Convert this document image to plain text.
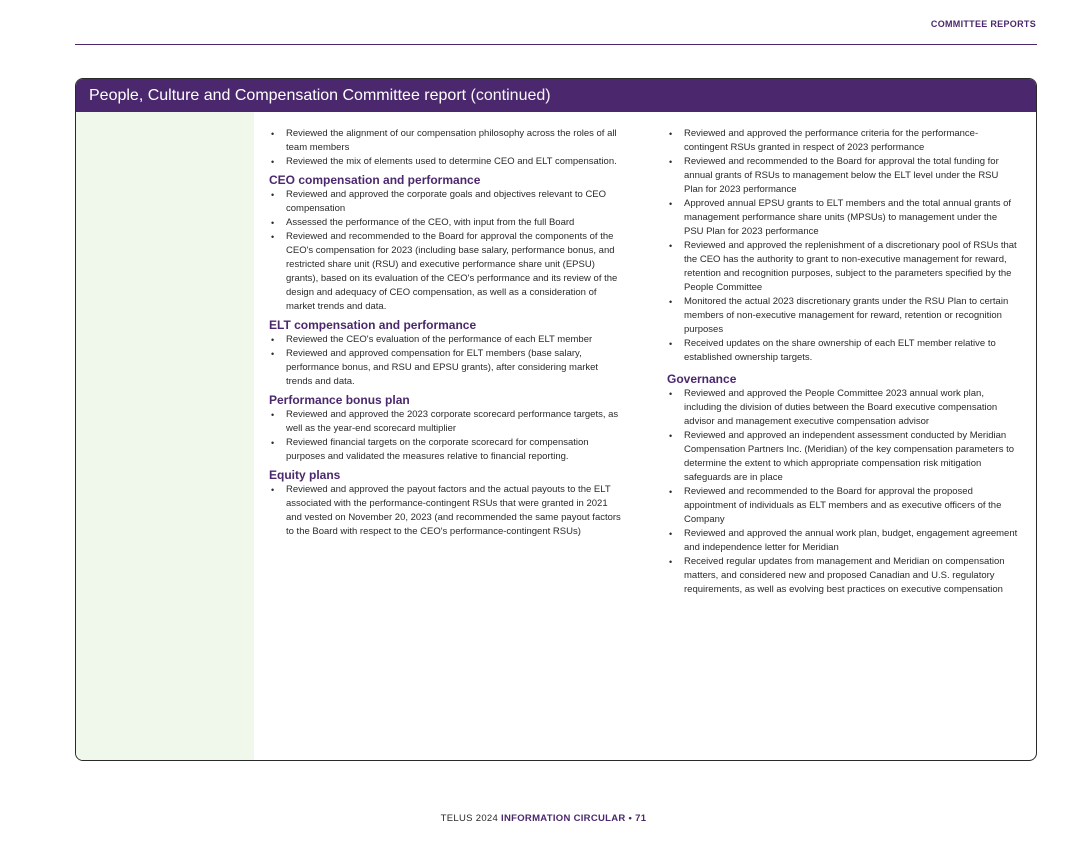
COMMITTEE REPORTS
People, Culture and Compensation Committee report (continued)
• Reviewed the alignment of our compensation philosophy across the roles of all team members
• Reviewed the mix of elements used to determine CEO and ELT compensation.
CEO compensation and performance
• Reviewed and approved the corporate goals and objectives relevant to CEO compensation
• Assessed the performance of the CEO, with input from the full Board
• Reviewed and recommended to the Board for approval the components of the CEO's compensation for 2023 (including base salary, performance bonus, and restricted share unit (RSU) and executive performance share unit (EPSU) grants), based on its evaluation of the CEO's performance and its review of the design and adequacy of CEO compensation, as well as a consideration of market trends and data.
ELT compensation and performance
• Reviewed the CEO's evaluation of the performance of each ELT member
• Reviewed and approved compensation for ELT members (base salary, performance bonus, and RSU and EPSU grants), after considering market trends and data.
Performance bonus plan
• Reviewed and approved the 2023 corporate scorecard performance targets, as well as the year-end scorecard multiplier
• Reviewed financial targets on the corporate scorecard for compensation purposes and validated the measures relative to financial reporting.
Equity plans
• Reviewed and approved the payout factors and the actual payouts to the ELT associated with the performance-contingent RSUs that were granted in 2021 and vested on November 20, 2023 (and recommended the same payout factors to the Board with respect to the CEO's performance-contingent RSUs)
• Reviewed and approved the performance criteria for the performance-contingent RSUs granted in respect of 2023 performance
• Reviewed and recommended to the Board for approval the total funding for annual grants of RSUs to management below the ELT level under the RSU Plan for 2023 performance
• Approved annual EPSU grants to ELT members and the total annual grants of management performance share units (MPSUs) to management under the PSU Plan for 2023 performance
• Reviewed and approved the replenishment of a discretionary pool of RSUs that the CEO has the authority to grant to non-executive management for reward, retention and recognition purposes, subject to the parameters specified by the People Committee
• Monitored the actual 2023 discretionary grants under the RSU Plan to certain members of non-executive management for reward, retention or recognition purposes
• Received updates on the share ownership of each ELT member relative to established ownership targets.
Governance
• Reviewed and approved the People Committee 2023 annual work plan, including the division of duties between the Board executive compensation advisor and management executive compensation advisor
• Reviewed and approved an independent assessment conducted by Meridian Compensation Partners Inc. (Meridian) of the key compensation parameters to determine the extent to which appropriate compensation risk mitigation safeguards are in place
• Reviewed and recommended to the Board for approval the proposed appointment of individuals as ELT members and as executive officers of the Company
• Reviewed and approved the annual work plan, budget, engagement agreement and independence letter for Meridian
• Received regular updates from management and Meridian on compensation matters, and considered new and proposed Canadian and U.S. regulatory requirements, as well as evolving best practices on executive compensation
TELUS 2024 INFORMATION CIRCULAR • 71
